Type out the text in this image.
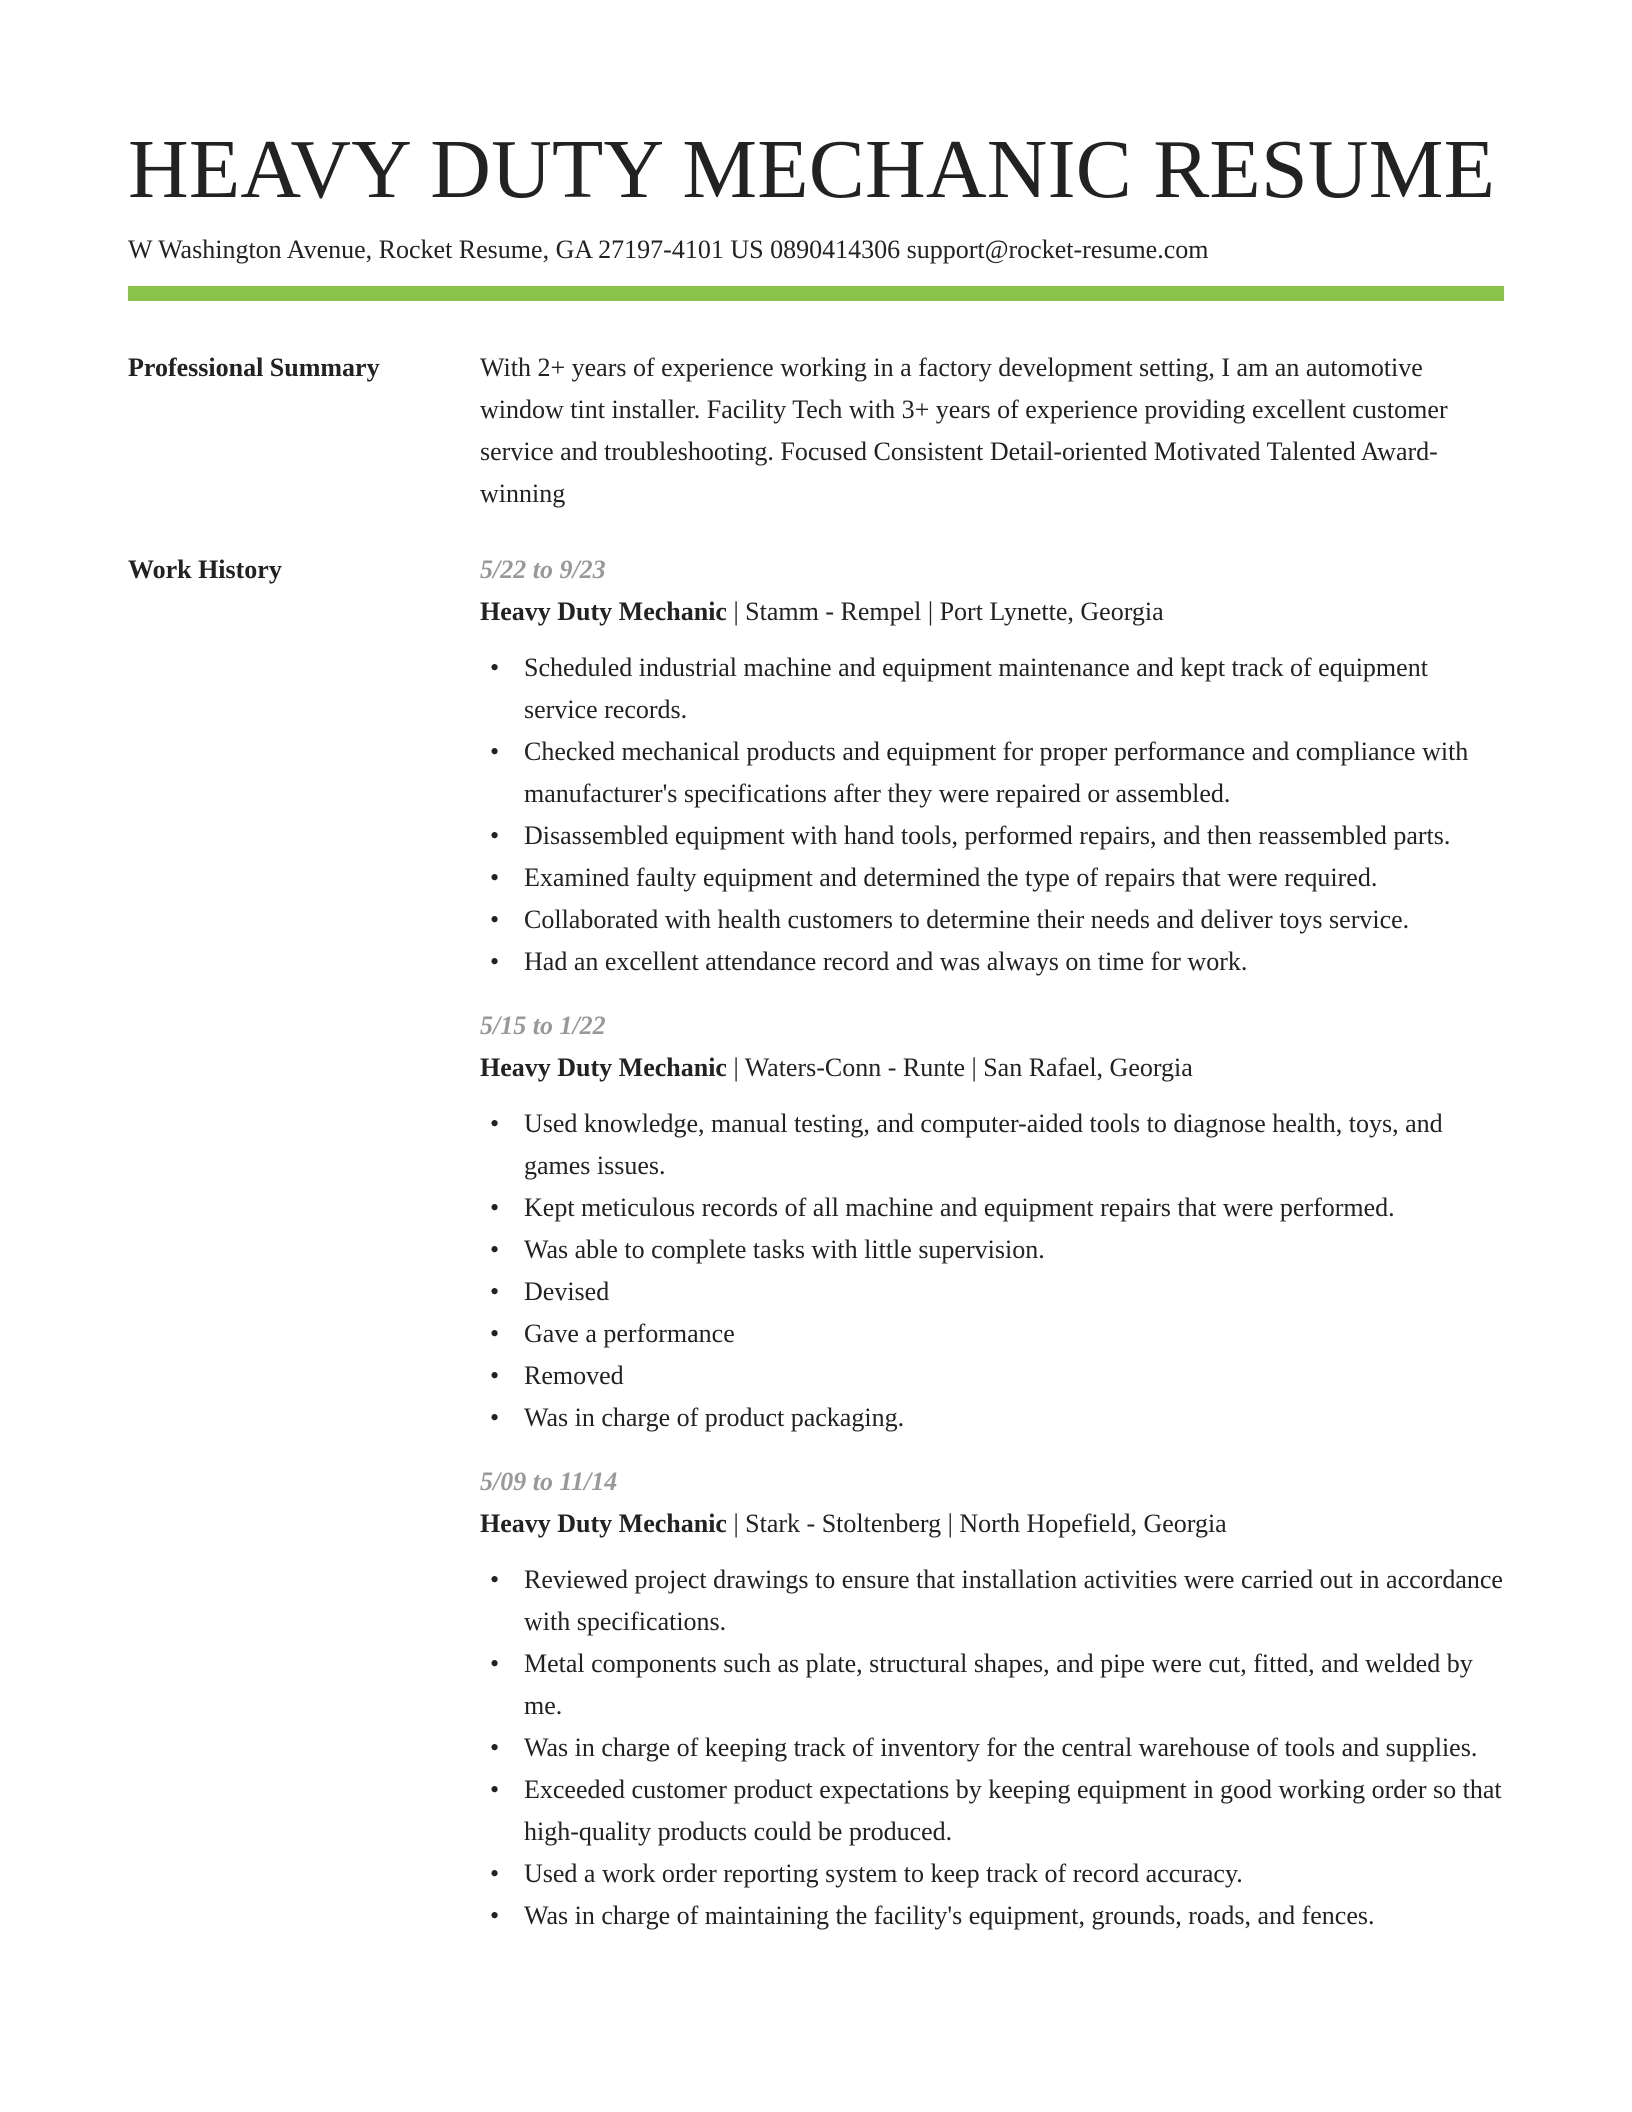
HEAVY DUTY MECHANIC RESUME
W Washington Avenue, Rocket Resume, GA 27197-4101 US 0890414306 support@rocket-resume.com
Professional Summary	With 2+ years of experience working in a factory development setting, I am an automotive window tint installer. Facility Tech with 3+ years of experience providing excellent customer service and troubleshooting. Focused Consistent Detail-oriented Motivated Talented Award-winning

Work History	5/22 to 9/23
Heavy Duty Mechanic | Stamm - Rempel | Port Lynette, Georgia
• Scheduled industrial machine and equipment maintenance and kept track of equipment service records.
• Checked mechanical products and equipment for proper performance and compliance with manufacturer's specifications after they were repaired or assembled.
• Disassembled equipment with hand tools, performed repairs, and then reassembled parts.
• Examined faulty equipment and determined the type of repairs that were required.
• Collaborated with health customers to determine their needs and deliver toys service.
• Had an excellent attendance record and was always on time for work.
5/15 to 1/22
Heavy Duty Mechanic | Waters-Conn - Runte | San Rafael, Georgia
• Used knowledge, manual testing, and computer-aided tools to diagnose health, toys, and games issues.
• Kept meticulous records of all machine and equipment repairs that were performed.
• Was able to complete tasks with little supervision.
• Devised
• Gave a performance
• Removed
• Was in charge of product packaging.
5/09 to 11/14
Heavy Duty Mechanic | Stark - Stoltenberg | North Hopefield, Georgia
• Reviewed project drawings to ensure that installation activities were carried out in accordance with specifications.
• Metal components such as plate, structural shapes, and pipe were cut, fitted, and welded by me.
• Was in charge of keeping track of inventory for the central warehouse of tools and supplies.
• Exceeded customer product expectations by keeping equipment in good working order so that high-quality products could be produced.
• Used a work order reporting system to keep track of record accuracy.
• Was in charge of maintaining the facility's equipment, grounds, roads, and fences.
